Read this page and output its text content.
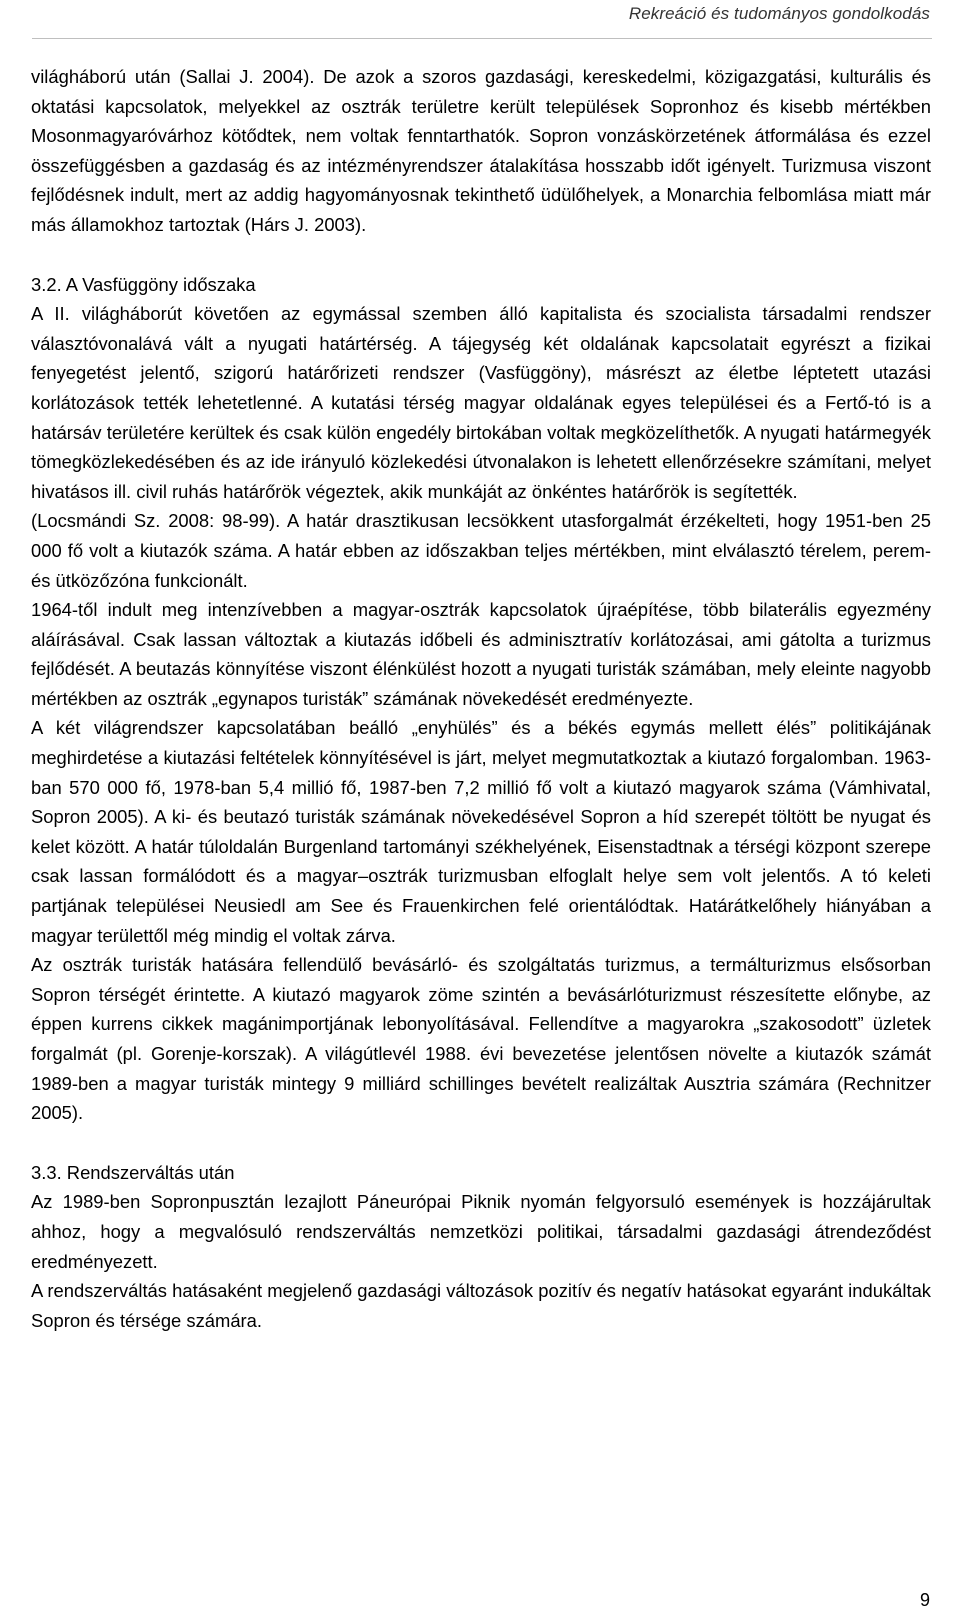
Rekreáció és tudományos gondolkodás

világháború után (Sallai J. 2004). De azok a szoros gazdasági, kereskedelmi, közigazgatási, kulturális és oktatási kapcsolatok, melyekkel az osztrák területre került települések Sopronhoz és kisebb mértékben Mosonmagyaróvárhoz kötődtek, nem voltak fenntarthatók. Sopron vonzáskörzetének átformálása és ezzel összefüggésben a gazdaság és az intézményrendszer átalakítása hosszabb időt igényelt. Turizmusa viszont fejlődésnek indult, mert az addig hagyományosnak tekinthető üdülőhelyek, a Monarchia felbomlása miatt már más államokhoz tartoztak (Hárs J. 2003).

3.2. A Vasfüggöny időszaka

A II. világháborút követően az egymással szemben álló kapitalista és szocialista társadalmi rendszer választóvonalává vált a nyugati határtérség. A tájegység két oldalának kapcsolatait egyrészt a fizikai fenyegetést jelentő, szigorú határőrizeti rendszer (Vasfüggöny), másrészt az életbe léptetett utazási korlátozások tették lehetetlenné. A kutatási térség magyar oldalának egyes települései és a Fertő-tó is a határsáv területére kerültek és csak külön engedély birtokában voltak megközelíthetők. A nyugati határmegyék tömegközlekedésében és az ide irányuló közlekedési útvonalakon is lehetett ellenőrzésekre számítani, melyet hivatásos ill. civil ruhás határőrök végeztek, akik munkáját az önkéntes határőrök is segítették.

(Locsmándi Sz. 2008: 98-99). A határ drasztikusan lecsökkent utasforgalmát érzékelteti, hogy 1951-ben 25 000 fő volt a kiutazók száma. A határ ebben az időszakban teljes mértékben, mint elválasztó térelem, perem- és ütközőzóna funkcionált.

1964-től indult meg intenzívebben a magyar-osztrák kapcsolatok újraépítése, több bilaterális egyezmény aláírásával. Csak lassan változtak a kiutazás időbeli és adminisztratív korlátozásai, ami gátolta a turizmus fejlődését. A beutazás könnyítése viszont élénkülést hozott a nyugati turisták számában, mely eleinte nagyobb mértékben az osztrák „egynapos turisták” számának növekedését eredményezte.

A két világrendszer kapcsolatában beálló „enyhülés” és a békés egymás mellett élés” politikájának meghirdetése a kiutazási feltételek könnyítésével is járt, melyet megmutatkoztak a kiutazó forgalomban. 1963-ban 570 000 fő, 1978-ban 5,4 millió fő, 1987-ben 7,2 millió fő volt a kiutazó magyarok száma (Vámhivatal, Sopron 2005). A ki- és beutazó turisták számának növekedésével Sopron a híd szerepét töltött be nyugat és kelet között. A határ túloldalán Burgenland tartományi székhelyének, Eisenstadtnak a térségi központ szerepe csak lassan formálódott és a magyar–osztrák turizmusban elfoglalt helye sem volt jelentős. A tó keleti partjának települései Neusiedl am See és Frauenkirchen felé orientálódtak. Határátkelőhely hiányában a magyar területtől még mindig el voltak zárva.

Az osztrák turisták hatására fellendülő bevásárló- és szolgáltatás turizmus, a termálturizmus elsősorban Sopron térségét érintette. A kiutazó magyarok zöme szintén a bevásárlóturizmust részesítette előnybe, az éppen kurrens cikkek magánimportjának lebonyolításával. Fellendítve a magyarokra „szakosodott” üzletek forgalmát (pl. Gorenje-korszak). A világútlevél 1988. évi bevezetése jelentősen növelte a kiutazók számát 1989-ben a magyar turisták mintegy 9 milliárd schillinges bevételt realizáltak Ausztria számára (Rechnitzer 2005).

3.3. Rendszerváltás után

Az 1989-ben Sopronpusztán lezajlott Páneurópai Piknik nyomán felgyorsuló események is hozzájárultak ahhoz, hogy a megvalósuló rendszerváltás nemzetközi politikai, társadalmi gazdasági átrendeződést eredményezett.

A rendszerváltás hatásaként megjelenő gazdasági változások pozitív és negatív hatásokat egyaránt indukáltak Sopron és térsége számára.

9
